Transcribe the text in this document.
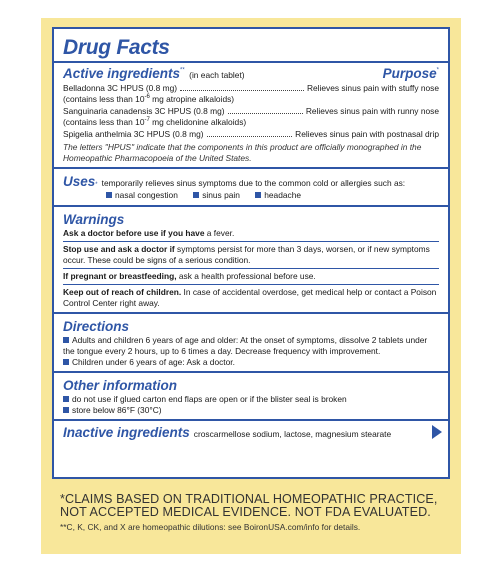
Drug Facts
Active ingredients** (in each tablet)	Purpose*
Belladonna 3C HPUS (0.8 mg)	Relieves sinus pain with stuffy nose
(contains less than $10^{-6}$ mg atropine alkaloids)
Sanguinaria canadensis 3C HPUS (0.8 mg)	Relieves sinus pain with runny nose
(contains less than $10^{-7}$ mg chelidonine alkaloids)
Spigelia anthelmia 3C HPUS (0.8 mg)	Relieves sinus pain with postnasal drip
The letters "HPUS" indicate that the components in this product are officially monographed in the Homeopathic Pharmacopoeia of the United States.
Uses * temporarily relieves sinus symptoms due to the common cold or allergies such as:
nasal congestion	sinus pain	headache
Warnings
Ask a doctor before use if you have a fever.
Stop use and ask a doctor if symptoms persist for more than 3 days, worsen, or if new symptoms occur. These could be signs of a serious condition.
If pregnant or breastfeeding, ask a health professional before use.
Keep out of reach of children. In case of accidental overdose, get medical help or contact a Poison Control Center right away.
Directions
Adults and children 6 years of age and older: At the onset of symptoms, dissolve 2 tablets under the tongue every 2 hours, up to 6 times a day. Decrease frequency with improvement.
Children under 6 years of age: Ask a doctor.
Other information
do not use if glued carton end flaps are open or if the blister seal is broken
store below 86°F (30°C)
Inactive ingredients croscarmellose sodium, lactose, magnesium stearate
*CLAIMS BASED ON TRADITIONAL HOMEOPATHIC PRACTICE, NOT ACCEPTED MEDICAL EVIDENCE. NOT FDA EVALUATED.
**C, K, CK, and X are homeopathic dilutions: see BoironUSA.com/info for details.
